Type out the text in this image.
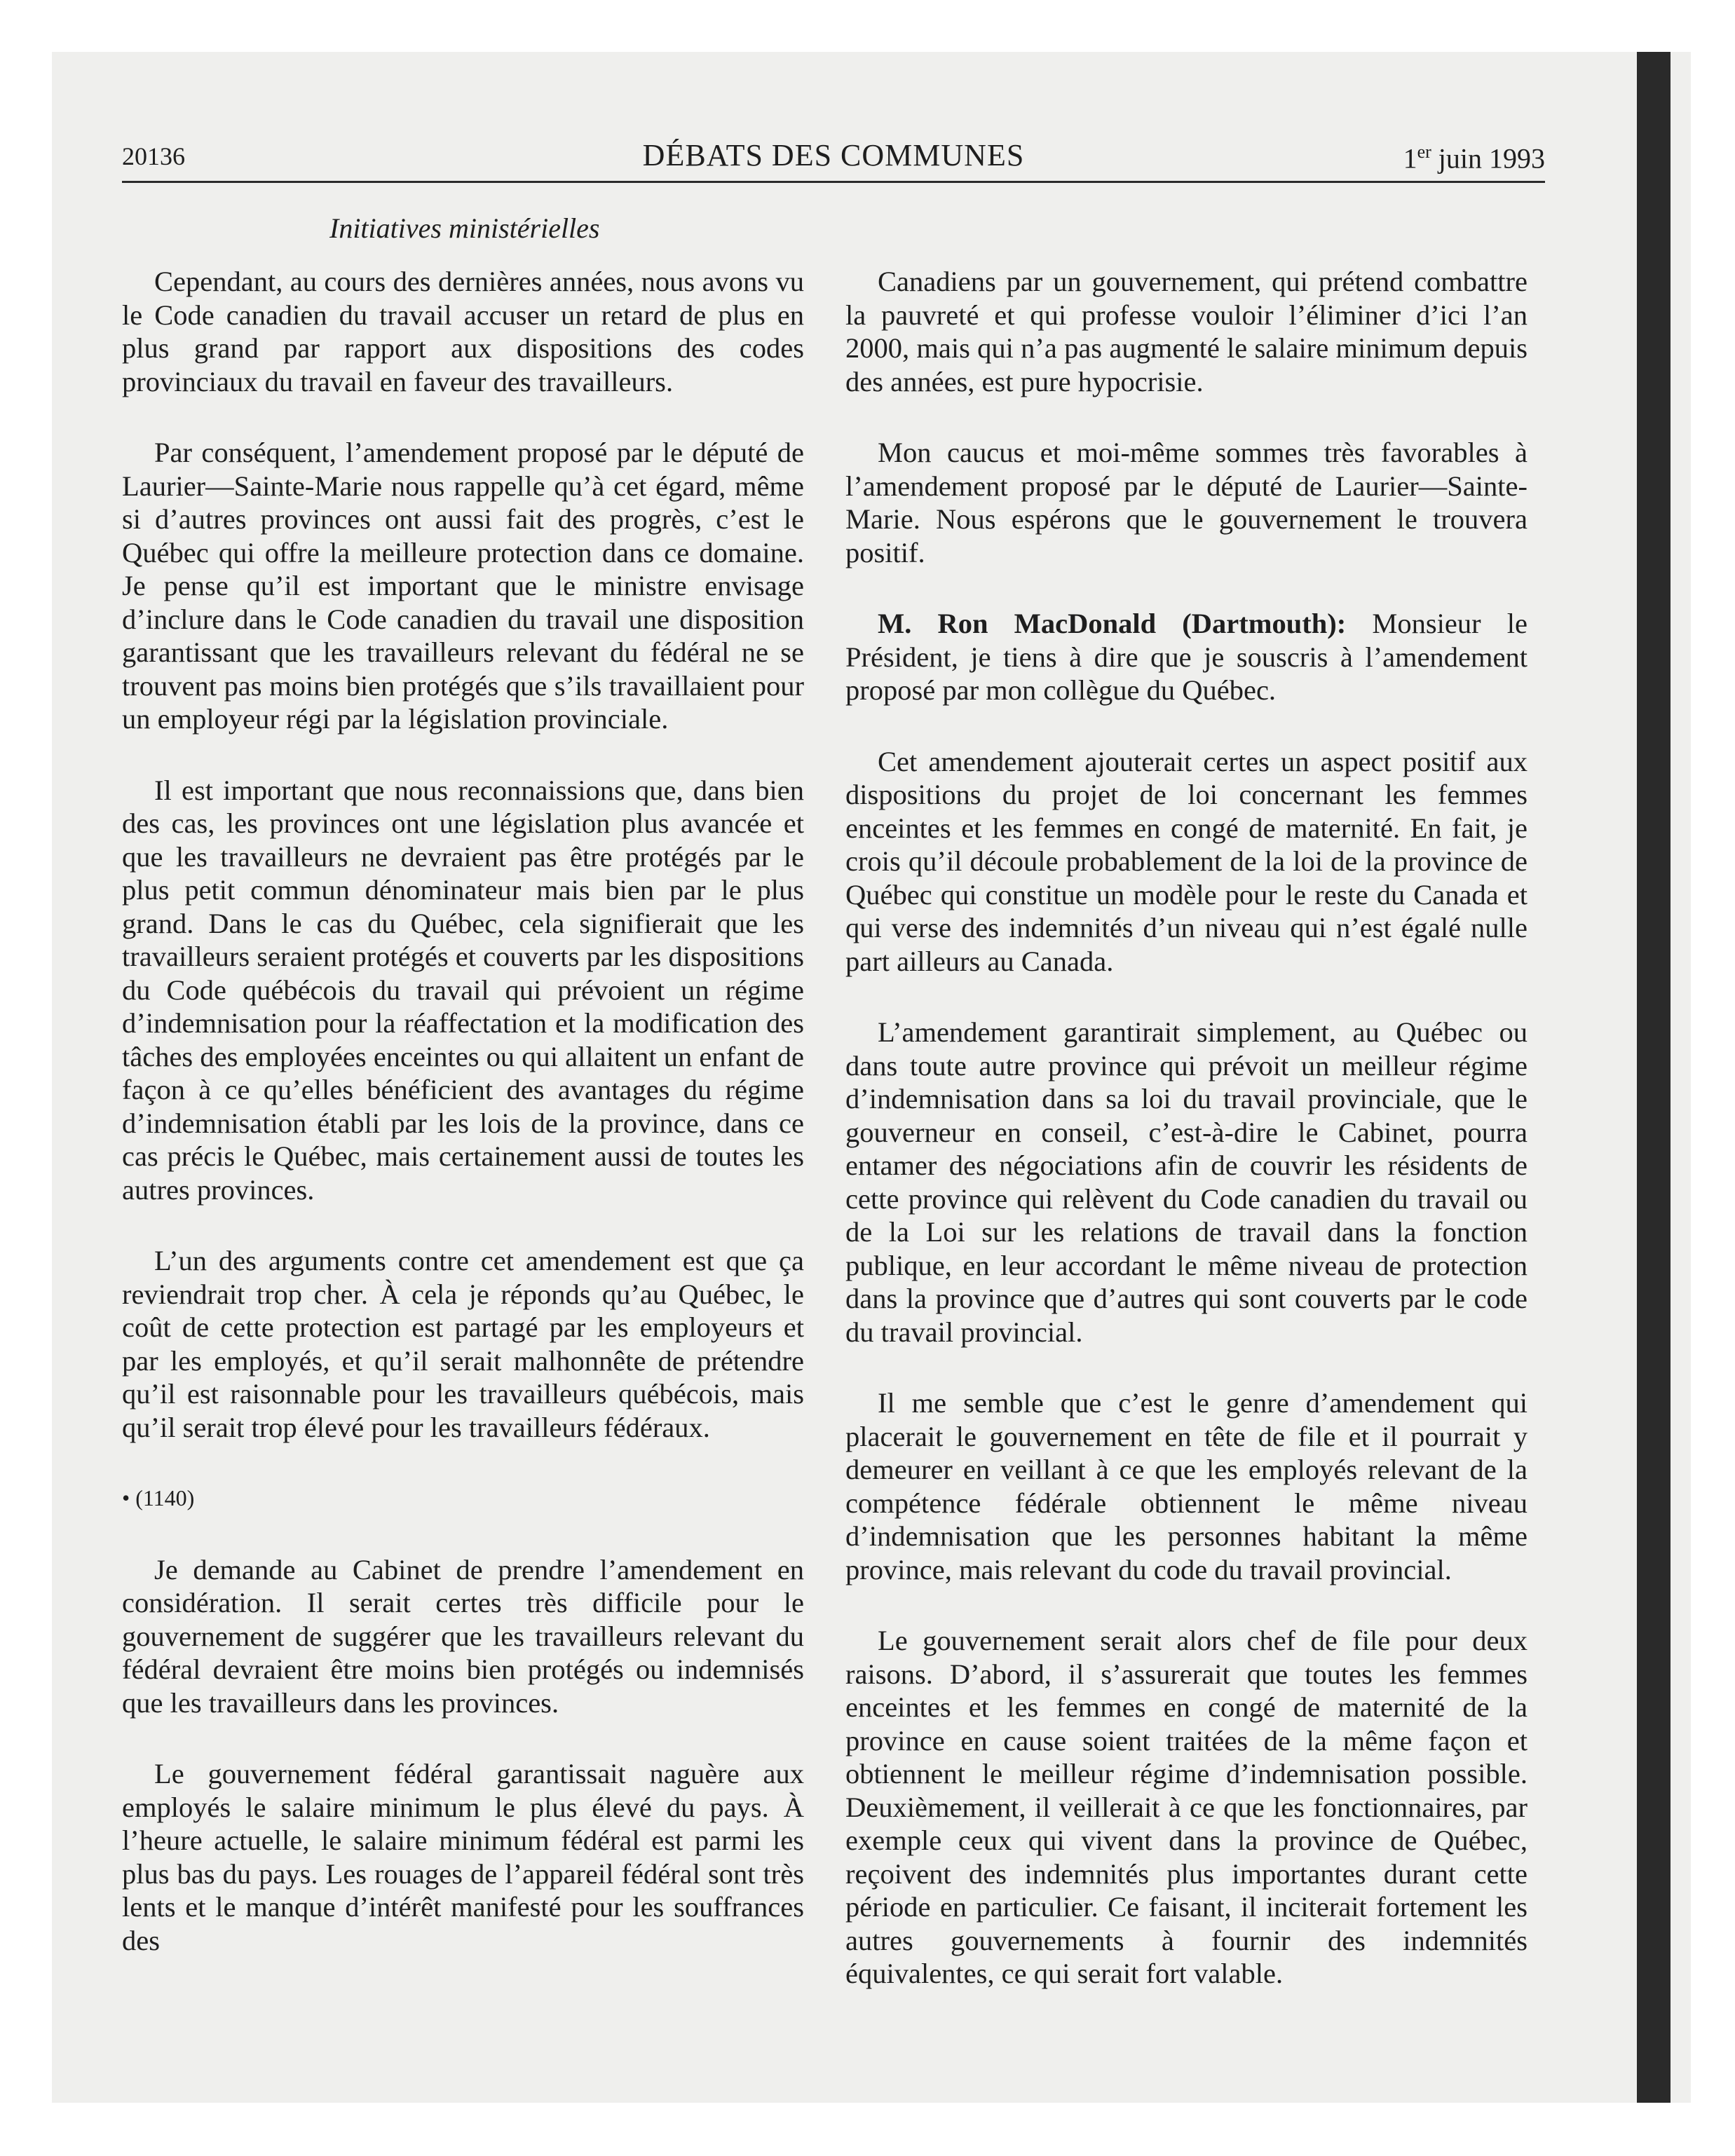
20136	DÉBATS DES COMMUNES	1er juin 1993
Initiatives ministérielles

Cependant, au cours des dernières années, nous avons vu le Code canadien du travail accuser un retard de plus en plus grand par rapport aux dispositions des codes provinciaux du travail en faveur des travailleurs.

Par conséquent, l’amendement proposé par le député de Laurier—Sainte-Marie nous rappelle qu’à cet égard, même si d’autres provinces ont aussi fait des progrès, c’est le Québec qui offre la meilleure protection dans ce domaine. Je pense qu’il est important que le ministre envisage d’inclure dans le Code canadien du travail une disposition garantissant que les travailleurs relevant du fédéral ne se trouvent pas moins bien protégés que s’ils travaillaient pour un employeur régi par la législation provinciale.

Il est important que nous reconnaissions que, dans bien des cas, les provinces ont une législation plus avancée et que les travailleurs ne devraient pas être protégés par le plus petit commun dénominateur mais bien par le plus grand. Dans le cas du Québec, cela signifierait que les travailleurs seraient protégés et couverts par les dispositions du Code québécois du travail qui prévoient un régime d’indemnisation pour la réaffectation et la modification des tâches des employées enceintes ou qui allaitent un enfant de façon à ce qu’elles bénéficient des avantages du régime d’indemnisation établi par les lois de la province, dans ce cas précis le Québec, mais certainement aussi de toutes les autres provinces.

L’un des arguments contre cet amendement est que ça reviendrait trop cher. À cela je réponds qu’au Québec, le coût de cette protection est partagé par les employeurs et par les employés, et qu’il serait malhonnête de prétendre qu’il est raisonnable pour les travailleurs québécois, mais qu’il serait trop élevé pour les travailleurs fédéraux.

• (1140)

Je demande au Cabinet de prendre l’amendement en considération. Il serait certes très difficile pour le gouvernement de suggérer que les travailleurs relevant du fédéral devraient être moins bien protégés ou indemnisés que les travailleurs dans les provinces.

Le gouvernement fédéral garantissait naguère aux employés le salaire minimum le plus élevé du pays. À l’heure actuelle, le salaire minimum fédéral est parmi les plus bas du pays. Les rouages de l’appareil fédéral sont très lents et le manque d’intérêt manifesté pour les souffrances des

Canadiens par un gouvernement, qui prétend combattre la pauvreté et qui professe vouloir l’éliminer d’ici l’an 2000, mais qui n’a pas augmenté le salaire minimum depuis des années, est pure hypocrisie.

Mon caucus et moi-même sommes très favorables à l’amendement proposé par le député de Laurier—Sainte-Marie. Nous espérons que le gouvernement le trouvera positif.

M. Ron MacDonald (Dartmouth): Monsieur le Président, je tiens à dire que je souscris à l’amendement proposé par mon collègue du Québec.

Cet amendement ajouterait certes un aspect positif aux dispositions du projet de loi concernant les femmes enceintes et les femmes en congé de maternité. En fait, je crois qu’il découle probablement de la loi de la province de Québec qui constitue un modèle pour le reste du Canada et qui verse des indemnités d’un niveau qui n’est égalé nulle part ailleurs au Canada.

L’amendement garantirait simplement, au Québec ou dans toute autre province qui prévoit un meilleur régime d’indemnisation dans sa loi du travail provinciale, que le gouverneur en conseil, c’est-à-dire le Cabinet, pourra entamer des négociations afin de couvrir les résidents de cette province qui relèvent du Code canadien du travail ou de la Loi sur les relations de travail dans la fonction publique, en leur accordant le même niveau de protection dans la province que d’autres qui sont couverts par le code du travail provincial.

Il me semble que c’est le genre d’amendement qui placerait le gouvernement en tête de file et il pourrait y demeurer en veillant à ce que les employés relevant de la compétence fédérale obtiennent le même niveau d’indemnisation que les personnes habitant la même province, mais relevant du code du travail provincial.

Le gouvernement serait alors chef de file pour deux raisons. D’abord, il s’assurerait que toutes les femmes enceintes et les femmes en congé de maternité de la province en cause soient traitées de la même façon et obtiennent le meilleur régime d’indemnisation possible. Deuxièmement, il veillerait à ce que les fonctionnaires, par exemple ceux qui vivent dans la province de Québec, reçoivent des indemnités plus importantes durant cette période en particulier. Ce faisant, il inciterait fortement les autres gouvernements à fournir des indemnités équivalentes, ce qui serait fort valable.
